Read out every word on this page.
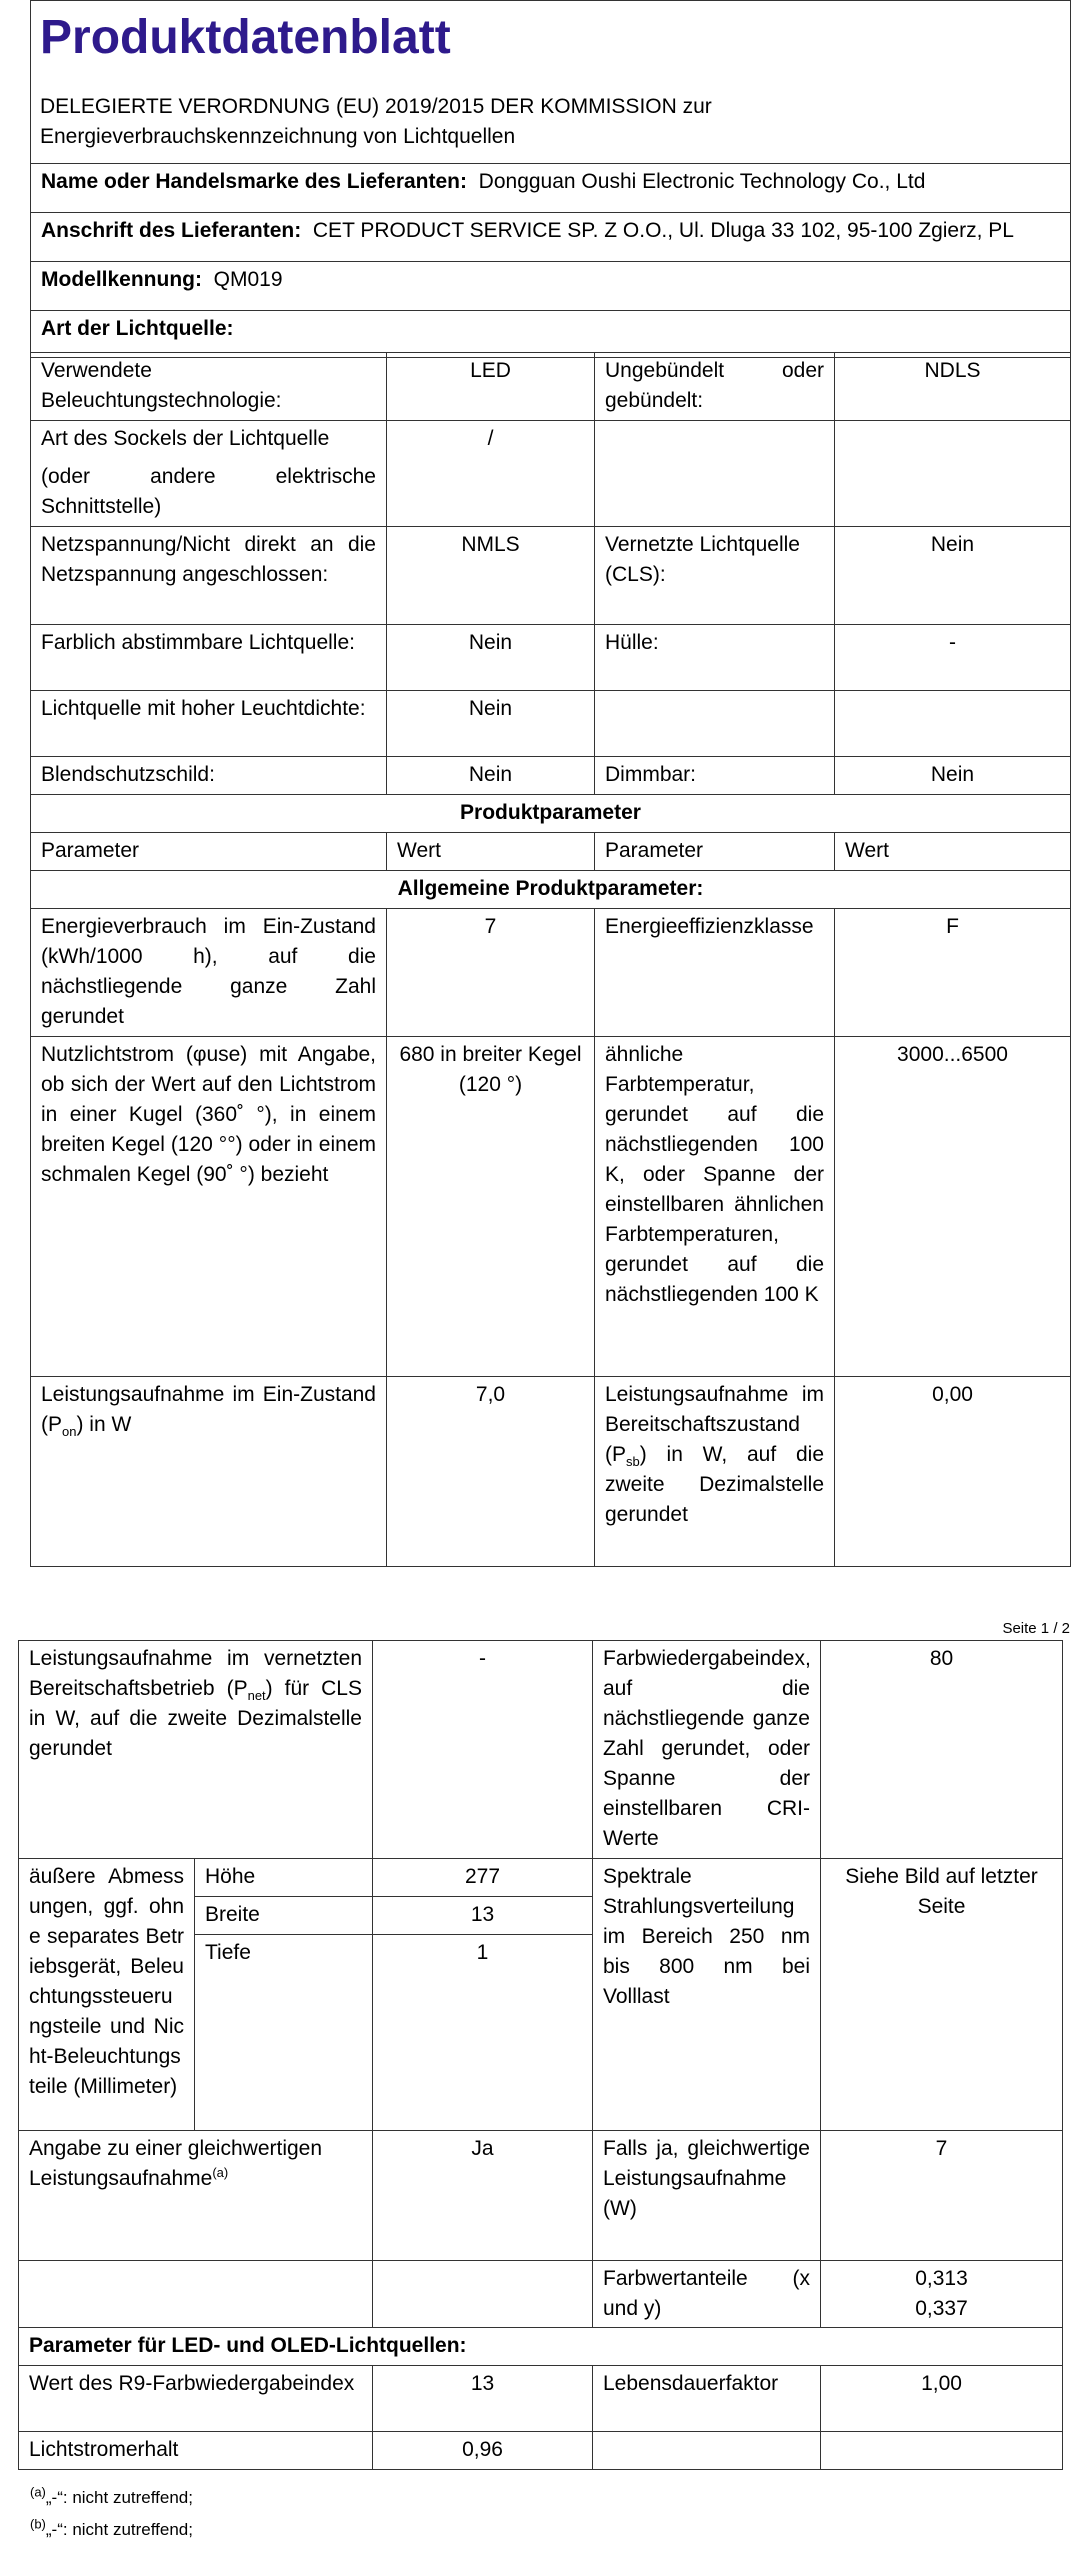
Produktdatenblatt
DELEGIERTE VERORDNUNG (EU) 2019/2015 DER KOMMISSION zur
Energieverbrauchskennzeichnung von Lichtquellen

Name oder Handelsmarke des Lieferanten: Dongguan Oushi Electronic Technology Co., Ltd
Anschrift des Lieferanten: CET PRODUCT SERVICE SP. Z O.O., Ul. Dluga 33 102, 95-100 Zgierz, PL
Modellkennung: QM019
Art der Lichtquelle:
Verwendete Beleuchtungstechnologie:	LED	Ungebündelt oder gebündelt:	NDLS

Art des Sockels der Lichtquelle
(oder andere elektrische Schnittstelle)	/		
Netzspannung/Nicht direkt an die Netzspannung angeschlossen:	NMLS	Vernetzte Lichtquelle (CLS):	Nein
Farblich abstimmbare Lichtquelle:	Nein	Hülle:	-
Lichtquelle mit hoher Leuchtdichte:	Nein		
Blendschutzschild:	Nein	Dimmbar:	Nein
Produktparameter			
Parameter	Wert	Parameter	Wert
Allgemeine Produktparameter:			
Energieverbrauch im Ein-Zustand (kWh/1000 h), auf die nächstliegende ganze Zahl gerundet	7	Energieeffizienzklasse	F
Nutzlichtstrom (φuse) mit Angabe, ob sich der Wert auf den Lichtstrom in einer Kugel (360˚ °), in einem breiten Kegel (120 °°) oder in einem schmalen Kegel (90˚ °) bezieht	680 in breiter Kegel (120 °)	ähnliche Farbtemperatur, gerundet auf die nächstliegenden 100 K, oder Spanne der einstellbaren ähnlichen Farbtemperaturen, gerundet auf die nächstliegenden 100 K	3000...6500
Leistungsaufnahme im Ein-Zustand $(P_{on})$ in W	7,0	Leistungsaufnahme im Bereitschaftszustand $(P_{sb})$ in W, auf die zweite Dezimalstelle gerundet	0,00
Seite 1 / 2
Leistungsaufnahme im vernetzten Bereitschaftsbetrieb $(P_{net})$ für CLS in W, auf die zweite Dezimalstelle gerundet		-	Farbwiedergabeindex, auf die nächstliegende ganze Zahl gerundet, oder Spanne der einstellbaren CRI-Werte	80
äußere Abmessungen, ggf. ohne separates Betriebsgerät, Beleuchtungssteuerungsteile und Nicht-Beleuchtungsteile (Millimeter)	Höhe	277	Spektrale Strahlungsverteilung im Bereich 250 nm bis 800 nm bei Volllast	Siehe Bild auf letzter Seite
	Breite	13		
	Tiefe	1		
Angabe zu einer gleichwertigen Leistungsaufnahme$^{(a)}$		Ja	Falls ja, gleichwertige Leistungsaufnahme (W)	7
			Farbwertanteile (x und y)	0,313
0,337

Parameter für LED- und OLED-Lichtquellen:				
Wert des R9-Farbwiedergabeindex		13	Lebensdauerfaktor	1,00
Lichtstromerhalt		0,96		
$^{(a)}$„-“: nicht zutreffend;
$^{(b)}$„-“: nicht zutreffend;
